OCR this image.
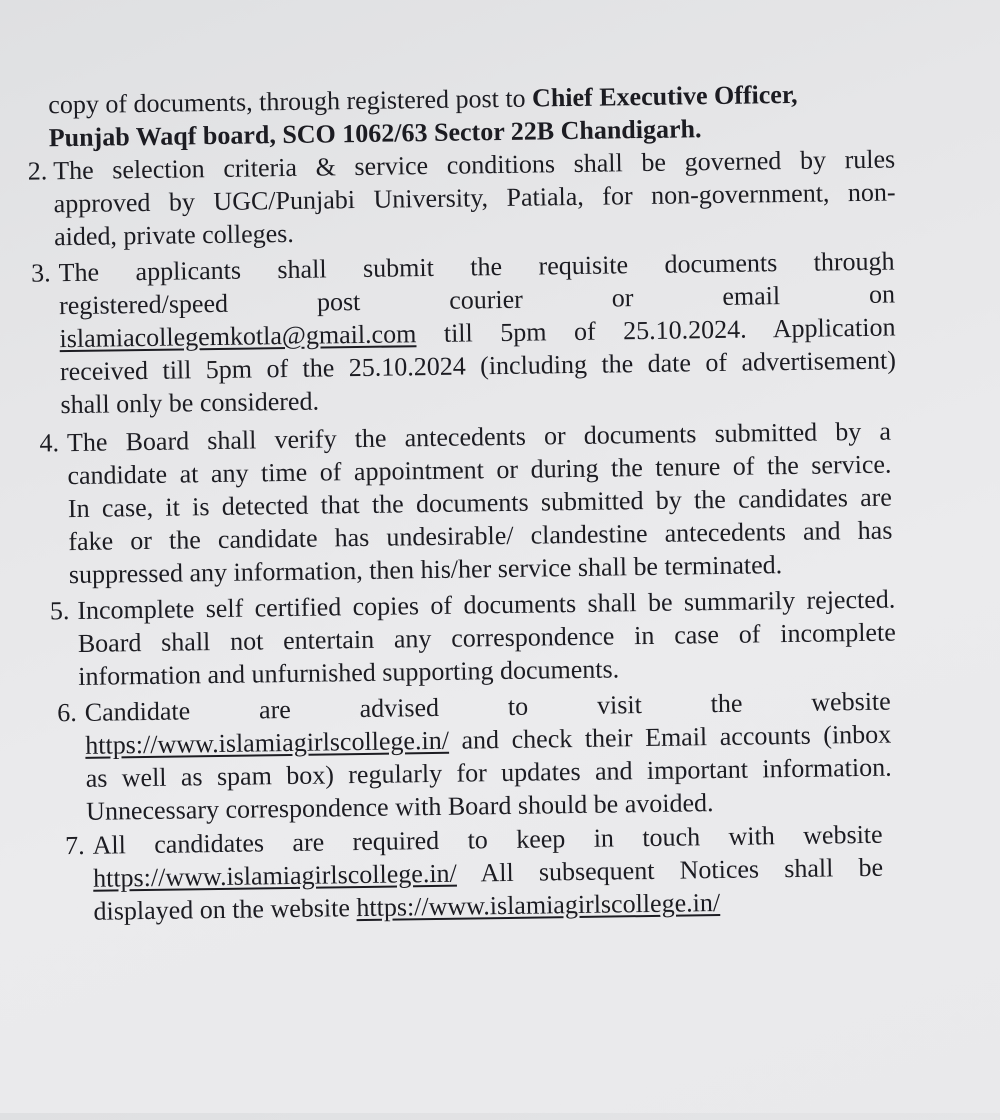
copy of documents, through registered post to Chief Executive Officer,
Punjab Waqf board, SCO 1062/63 Sector 22B Chandigarh.
2. The selection criteria & service conditions shall be governed by rules
approved by UGC/Punjabi University, Patiala, for non-government, non-
aided, private colleges.
3. The applicants shall submit the requisite documents through
registered/speed post courier or email on
islamiacollegemkotla@gmail.com till 5pm of 25.10.2024. Application
received till 5pm of the 25.10.2024 (including the date of advertisement)
shall only be considered.
4. The Board shall verify the antecedents or documents submitted by a
candidate at any time of appointment or during the tenure of the service.
In case, it is detected that the documents submitted by the candidates are
fake or the candidate has undesirable/ clandestine antecedents and has
suppressed any information, then his/her service shall be terminated.
5. Incomplete self certified copies of documents shall be summarily rejected.
Board shall not entertain any correspondence in case of incomplete
information and unfurnished supporting documents.
6. Candidate are advised to visit the website
https://www.islamiagirlscollege.in/ and check their Email accounts (inbox
as well as spam box) regularly for updates and important information.
Unnecessary correspondence with Board should be avoided.
7. All candidates are required to keep in touch with website
https://www.islamiagirlscollege.in/ All subsequent Notices shall be
displayed on the website https://www.islamiagirlscollege.in/
